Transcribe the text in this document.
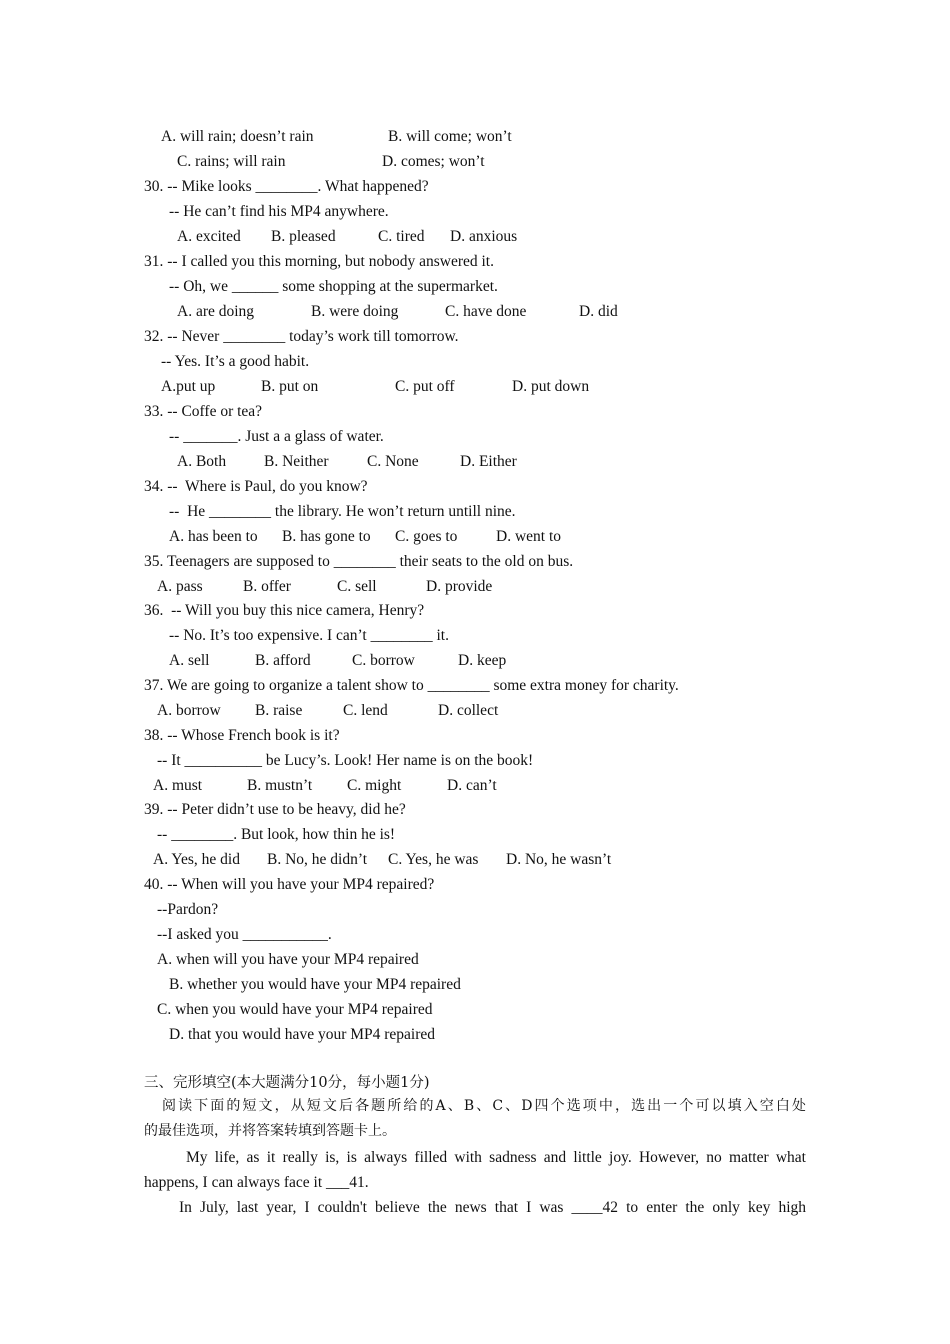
A. will rain; doesn’t rain	B. will come; won’t
C. rains; will rain	D. comes; won’t
30. -- Mike looks ________. What happened?
-- He can’t find his MP4 anywhere.
A. excited B. pleased	C. tired D. anxious
31. -- I called you this morning, but nobody answered it.
-- Oh, we ______ some shopping at the supermarket.
A. are doing	B. were doing	C. have done	D. did
32. -- Never ________ today’s work till tomorrow.
-- Yes. It’s a good habit.
A.put up	B. put on	C. put off	D. put down
33. -- Coffe or tea?
-- _______. Just a a glass of water.
A. Both B. Neither C. None	D. Either
34. --  Where is Paul, do you know?
--  He ________ the library. He won’t return untill nine.
A. has been to B. has gone to C. goes to D. went to
35. Teenagers are supposed to ________ their seats to the old on bus.
A. pass	B. offer	C. sell	D. provide
36.  -- Will you buy this nice camera, Henry?
-- No. It’s too expensive. I can’t ________ it.
A. sell	B. afford	C. borrow	D. keep
37. We are going to organize a talent show to ________ some extra money for charity.
A. borrow B. raise	C. lend	D. collect
38. -- Whose French book is it?
-- It __________ be Lucy’s. Look! Her name is on the book!
A. must	B. mustn’t C. might	D. can’t
39. -- Peter didn’t use to be heavy, did he?
-- ________. But look, how thin he is!
A. Yes, he did B. No, he didn’t C. Yes, he was D. No, he wasn’t
40. -- When will you have your MP4 repaired?
--Pardon?
--I asked you ___________.
A. when will you have your MP4 repaired
B. whether you would have your MP4 repaired
C. when you would have your MP4 repaired
D. that you would have your MP4 repaired
三、完形填空(本大题满分10分，每小题1分)
阅读下面的短文，从短文后各题所给的A、B、C、D四个选项中，选出一个可以填入空白处
的最佳选项，并将答案转填到答题卡上。
My life, as it really is, is always filled with sadness and little joy. However, no matter what
happens, I can always face it ___41.
In July, last year, I couldn't believe the news that I was ____42 to enter the only key high
